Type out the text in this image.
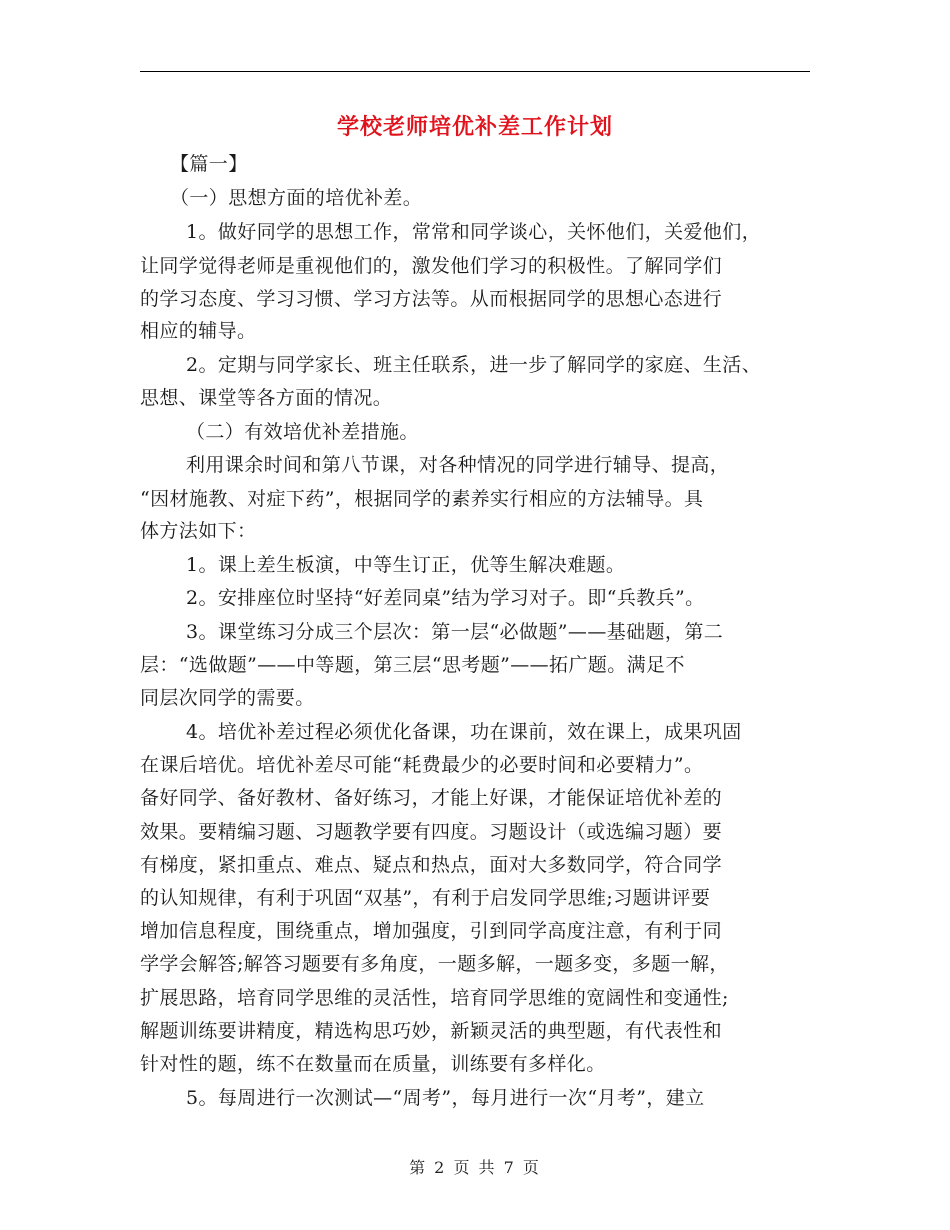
学校老师培优补差工作计划
【篇一】
（一）思想方面的培优补差。
1。做好同学的思想工作，常常和同学谈心，关怀他们，关爱他们，
让同学觉得老师是重视他们的，激发他们学习的积极性。了解同学们
的学习态度、学习习惯、学习方法等。从而根据同学的思想心态进行
相应的辅导。
2。定期与同学家长、班主任联系，进一步了解同学的家庭、生活、
思想、课堂等各方面的情况。
（二）有效培优补差措施。
利用课余时间和第八节课，对各种情况的同学进行辅导、提高，
“因材施教、对症下药”，根据同学的素养实行相应的方法辅导。具
体方法如下：
1。课上差生板演，中等生订正，优等生解决难题。
2。安排座位时坚持“好差同桌”结为学习对子。即“兵教兵”。
3。课堂练习分成三个层次：第一层“必做题”——基础题，第二
层：“选做题”——中等题，第三层“思考题”——拓广题。满足不
同层次同学的需要。
4。培优补差过程必须优化备课，功在课前，效在课上，成果巩固
在课后培优。培优补差尽可能“耗费最少的必要时间和必要精力”。
备好同学、备好教材、备好练习，才能上好课，才能保证培优补差的
效果。要精编习题、习题教学要有四度。习题设计（或选编习题）要
有梯度，紧扣重点、难点、疑点和热点，面对大多数同学，符合同学
的认知规律，有利于巩固“双基”，有利于启发同学思维;习题讲评要
增加信息程度，围绕重点，增加强度，引到同学高度注意，有利于同
学学会解答;解答习题要有多角度，一题多解，一题多变，多题一解，
扩展思路，培育同学思维的灵活性，培育同学思维的宽阔性和变通性;
解题训练要讲精度，精选构思巧妙，新颖灵活的典型题，有代表性和
针对性的题，练不在数量而在质量，训练要有多样化。
5。每周进行一次测试—“周考”，每月进行一次“月考”，建立
第 2 页 共 7 页
